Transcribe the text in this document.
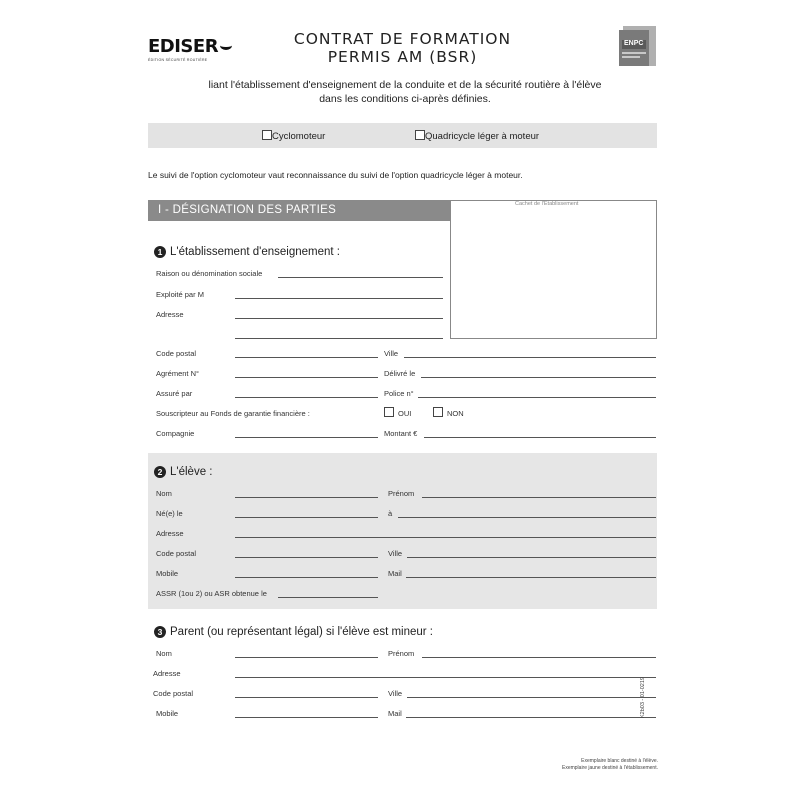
EDISER
ÉDITION SÉCURITÉ ROUTIÈRE
CONTRAT DE FORMATION
PERMIS AM (BSR)
ENPC
liant l'établissement d'enseignement de la conduite et de la sécurité routière à l'élève
dans les conditions ci-après définies.
Cyclomoteur	Quadricycle léger à moteur
Le suivi de l'option cyclomoteur vaut reconnaissance du suivi de l'option quadricycle léger à moteur.
I - DÉSIGNATION DES PARTIES	Cachet de l'Établissement
1 L'établissement d'enseignement :
Raison ou dénomination sociale
Exploité par M
Adresse
Code postal	Ville
Agrément N°	Délivré le
Assuré par	Police n°
Souscripteur au Fonds de garantie financière :	OUI	NON
Compagnie	Montant €
2 L'élève :
Nom	Prénom
Né(e) le	à
Adresse
Code postal	Ville
Mobile	Mail
ASSR (1ou 2) ou ASR obtenue le
3 Parent (ou représentant légal) si l'élève est mineur :
Nom	Prénom
Adresse
Code postal	Ville
Mobile	Mail	K2b03 - 01-0219
Exemplaire blanc destiné à l'élève.
Exemplaire jaune destiné à l'établissement.
